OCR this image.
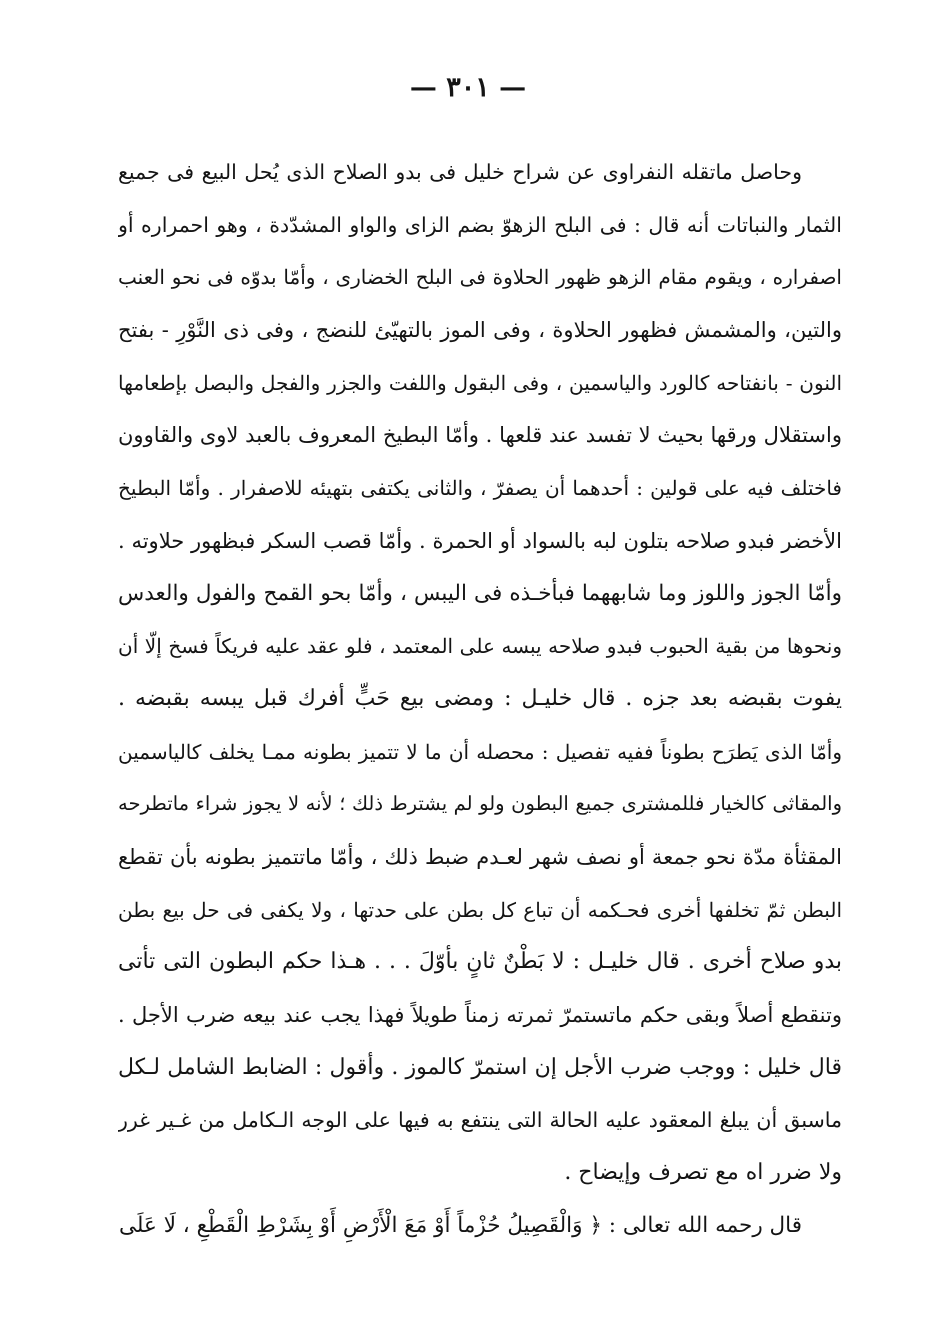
— ٣٠١ —
وحاصل ماتقله النفراوى عن شراح خليل فى بدو الصلاح الذى يُحل البيع فى جميع
الثمار والنباتات أنه قال : فى البلح الزهوّ بضم الزاى والواو المشدّدة ، وهو احمراره أو
اصفراره ، ويقوم مقام الزهو ظهور الحلاوة فى البلح الخضارى ، وأمّا بدوّه فى نحو العنب
والتين، والمشمش فظهور الحلاوة ، وفى الموز بالتهيّئ للنضج ، وفى ذى النَّوْرِ - بفتح
النون - بانفتاحه كالورد والياسمين ، وفى البقول واللفت والجزر والفجل والبصل بإطعامها
واستقلال ورقها بحيث لا تفسد عند قلعها . وأمّا البطيخ المعروف بالعبد لاوى والقاوون
فاختلف فيه على قولين : أحدهما أن يصفرّ ، والثانى يكتفى بتهيئه للاصفرار . وأمّا البطيخ
الأخضر فبدو صلاحه بتلون لبه بالسواد أو الحمرة . وأمّا قصب السكر فبظهور حلاوته .
وأمّا الجوز واللوز وما شابههما فبأخـذه فى اليبس ، وأمّا بحو القمح والفول والعدس
ونحوها من بقية الحبوب فبدو صلاحه يبسه على المعتمد ، فلو عقد عليه فريكاً فسخ إلّا أن
يفوت بقبضه بعد جزه . قال خليـل : ومضى بيع حَبٍّ أفرك قبل يبسه بقبضه .
وأمّا الذى يَطرَح بطوناً ففيه تفصيل : محصله أن ما لا تتميز بطونه ممـا يخلف كالياسمين
والمقاثى كالخيار فللمشترى جميع البطون ولو لم يشترط ذلك ؛ لأنه لا يجوز شراء ماتطرحه
المقثأة مدّة نحو جمعة أو نصف شهر لعـدم ضبط ذلك ، وأمّا ماتتميز بطونه بأن تقطع
البطن ثمّ تخلفها أخرى فحـكمه أن تباع كل بطن على حدتها ، ولا يكفى فى حل بيع بطن
بدو صلاح أخرى . قال خليـل : لا بَطْنٌ ثانٍ بأوّلَ . . . هـذا حكم البطون التى تأتى
وتنقطع أصلاً وبقى حكم ماتستمرّ ثمرته زمناً طويلاً فهذا يجب عند بيعه ضرب الأجل .
قال خليل : ووجب ضرب الأجل إن استمرّ كالموز . وأقول : الضابط الشامل لـكل
ماسبق أن يبلغ المعقود عليه الحالة التى ينتفع به فيها على الوجه الـكامل من غـير غرر
ولا ضرر اه مع تصرف وإيضاح .
قال رحمه الله تعالى : ﴿ وَالْقَصِيلُ حُزْماً أَوْ مَعَ الْأَرْضِ أَوْ بِشَرْطِ الْقَطْعِ ، لَا عَلَى
